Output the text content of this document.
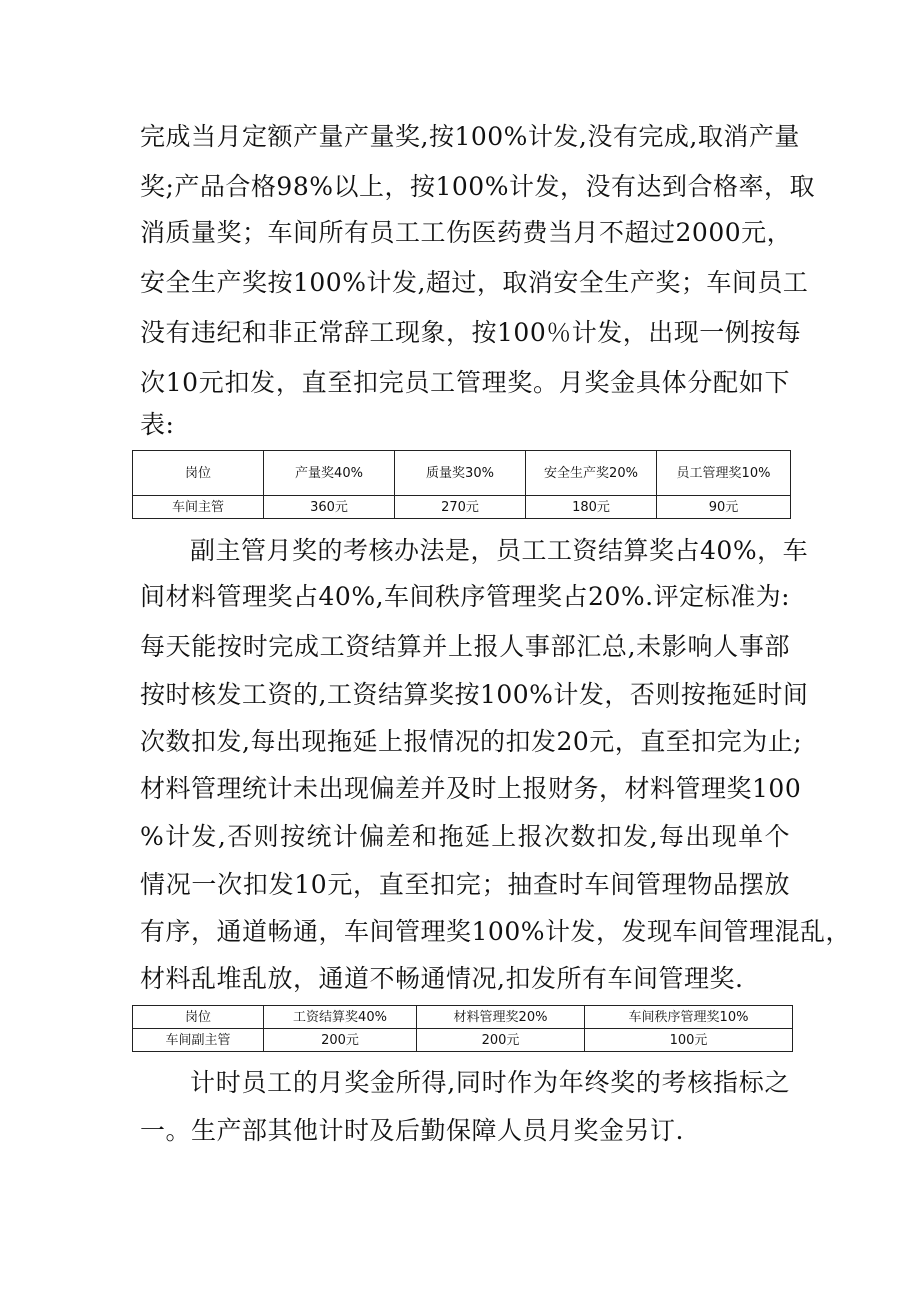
完成当月定额产量产量奖,按100%计发,没有完成,取消产量
奖;产品合格98%以上，按100%计发，没有达到合格率，取
消质量奖；车间所有员工工伤医药费当月不超过2000元，
安全生产奖按100%计发,超过，取消安全生产奖；车间员工
没有违纪和非正常辞工现象，按100％计发，出现一例按每
次10元扣发，直至扣完员工管理奖。月奖金具体分配如下
表:
岗位	产量奖40%	质量奖30%	安全生产奖20%	员工管理奖10%
车间主管	360元	270元	180元	90元
副主管月奖的考核办法是，员工工资结算奖占40%，车
间材料管理奖占40%,车间秩序管理奖占20%.评定标准为:
每天能按时完成工资结算并上报人事部汇总,未影响人事部
按时核发工资的,工资结算奖按100%计发，否则按拖延时间
次数扣发,每出现拖延上报情况的扣发20元，直至扣完为止;
材料管理统计未出现偏差并及时上报财务，材料管理奖100
%计发,否则按统计偏差和拖延上报次数扣发,每出现单个
情况一次扣发10元，直至扣完；抽查时车间管理物品摆放
有序，通道畅通，车间管理奖100%计发，发现车间管理混乱，
材料乱堆乱放，通道不畅通情况,扣发所有车间管理奖.
岗位	工资结算奖40%	材料管理奖20%	车间秩序管理奖10%
车间副主管	200元	200元	100元
计时员工的月奖金所得,同时作为年终奖的考核指标之
一。生产部其他计时及后勤保障人员月奖金另订.
